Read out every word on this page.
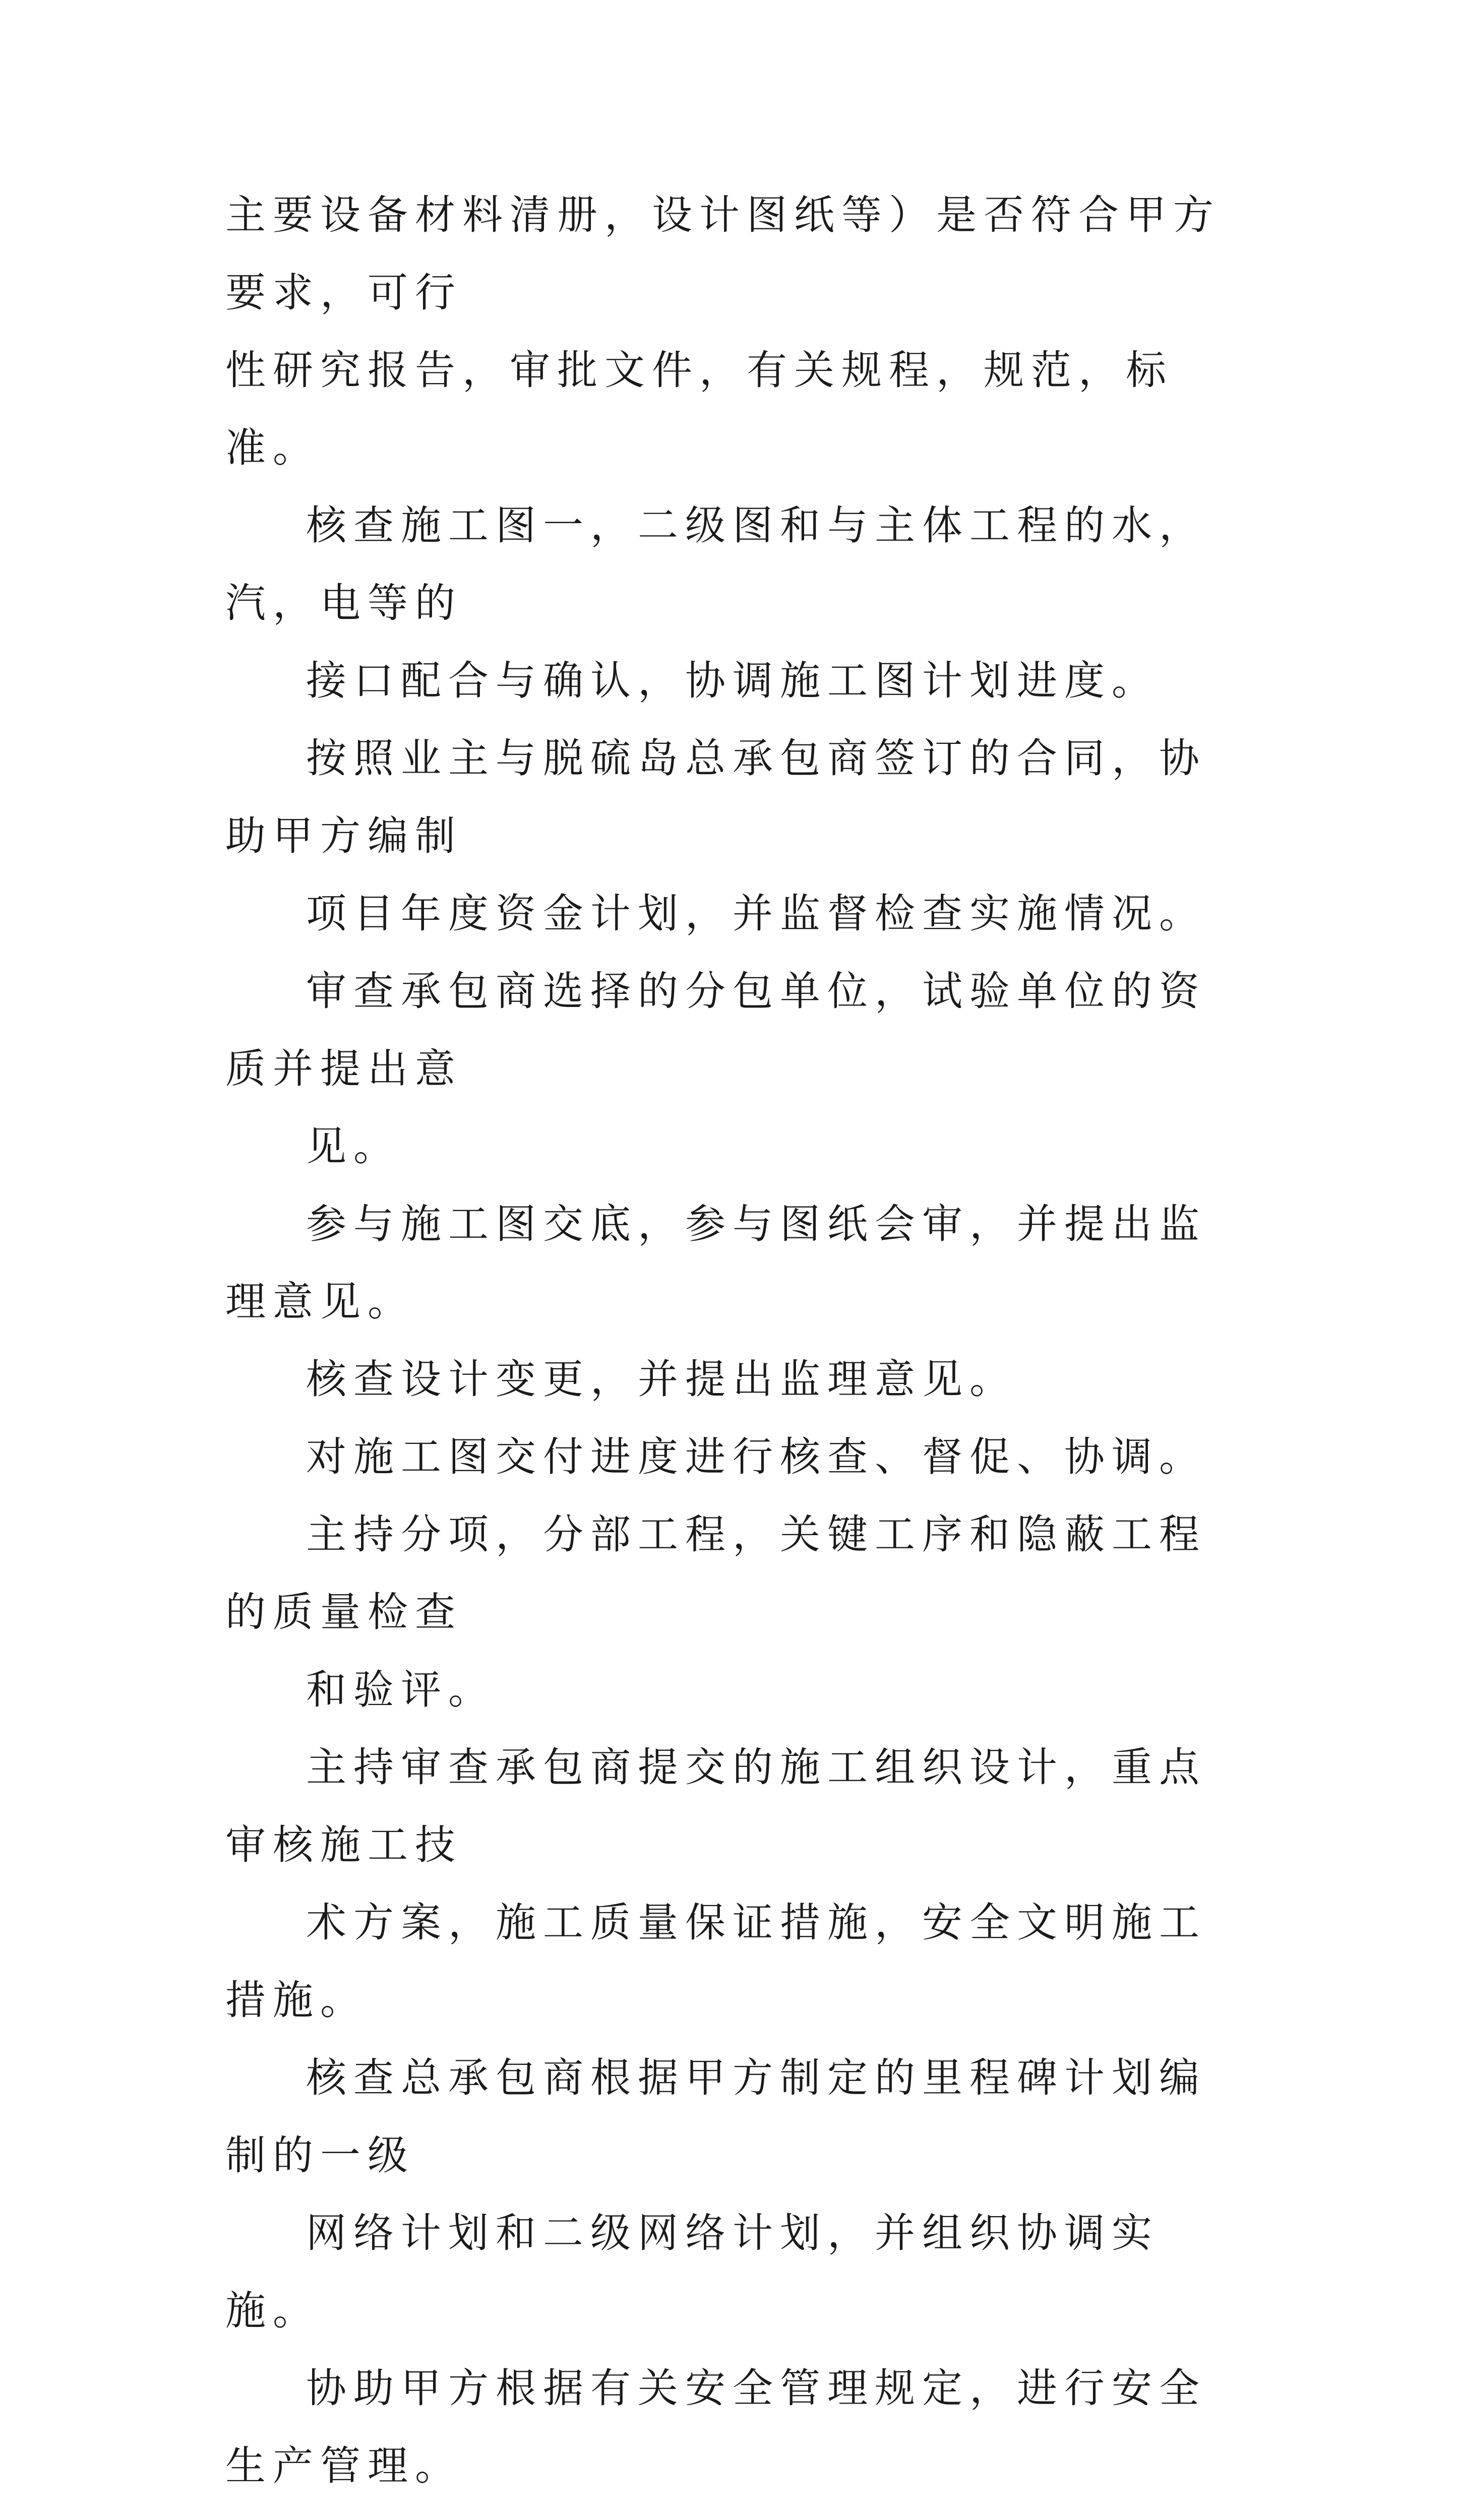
主要设备材料清册，设计图纸等）是否符合甲方要求，可行
性研究报告，审批文件，有关规程，规范，标准。

核查施工图一，二级图和与主体工程的水，汽，电等的
接口配合与确认，协调施工图计划进度。

按照业主与脱硫岛总承包商签订的合同，协助甲方编制
项目年度资金计划，并监督检查实施情况。

审查承包商选择的分包单位，试验单位的资质并提出意
见。

参与施工图交底，参与图纸会审，并提出监理意见。

核查设计变更，并提出监理意见。

对施工图交付进度进行核查、督促、协调。

主持分项，分部工程，关键工序和隐蔽工程的质量检查
和验评。

主持审查承包商提交的施工组织设计，重点审核施工技
术方案，施工质量保证措施，安全文明施工措施。

核查总承包商根据甲方制定的里程碑计划编制的一级
网络计划和二级网络计划，并组织协调实施。

协助甲方根据有关安全管理规定，进行安全生产管理。
